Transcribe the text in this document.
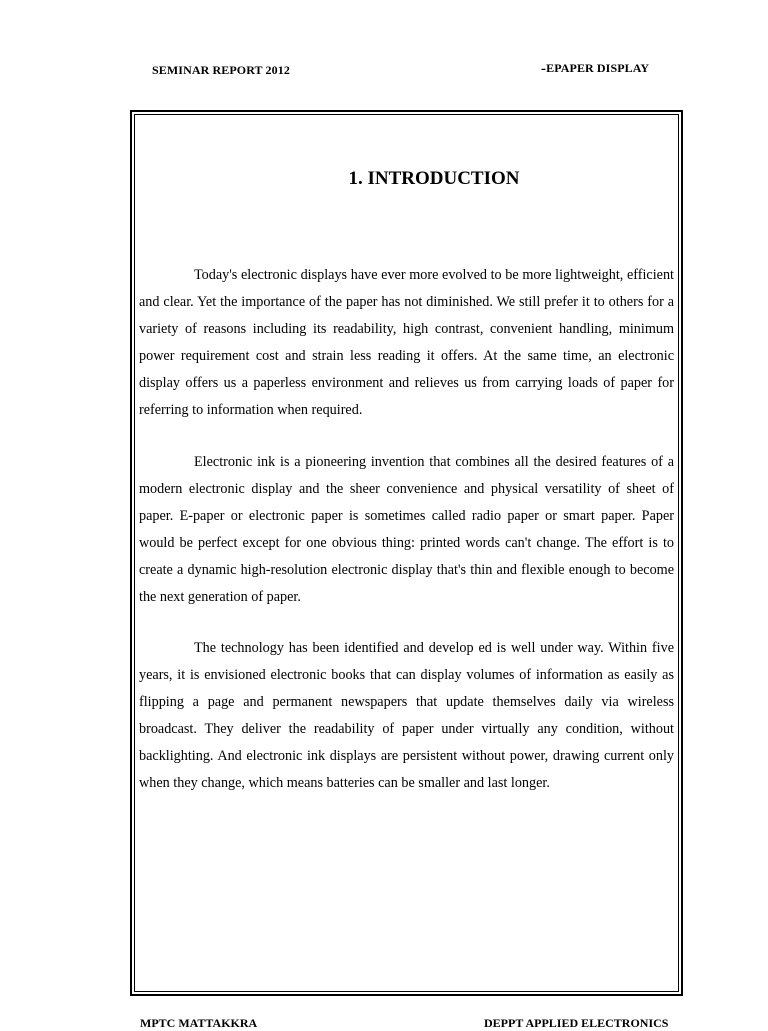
SEMINAR REPORT 2012	-EPAPER DISPLAY
1. INTRODUCTION

Today's electronic displays have ever more evolved to be more lightweight, efficient and clear. Yet the importance of the paper has not diminished. We still prefer it to others for a variety of reasons including its readability, high contrast, convenient handling, minimum power requirement cost and strain less reading it offers. At the same time, an electronic display offers us a paperless environment and relieves us from carrying loads of paper for referring to information when required.

Electronic ink is a pioneering invention that combines all the desired features of a modern electronic display and the sheer convenience and physical versatility of sheet of paper. E-paper or electronic paper is sometimes called radio paper or smart paper. Paper would be perfect except for one obvious thing: printed words can't change. The effort is to create a dynamic high-resolution electronic display that's thin and flexible enough to become the next generation of paper.

The technology has been identified and develop ed is well under way. Within five years, it is envisioned electronic books that can display volumes of information as easily as flipping a page and permanent newspapers that update themselves daily via wireless broadcast. They deliver the readability of paper under virtually any condition, without backlighting. And electronic ink displays are persistent without power, drawing current only when they change, which means batteries can be smaller and last longer.

MPTC MATTAKKRA	DEPPT APPLIED ELECTRONICS
